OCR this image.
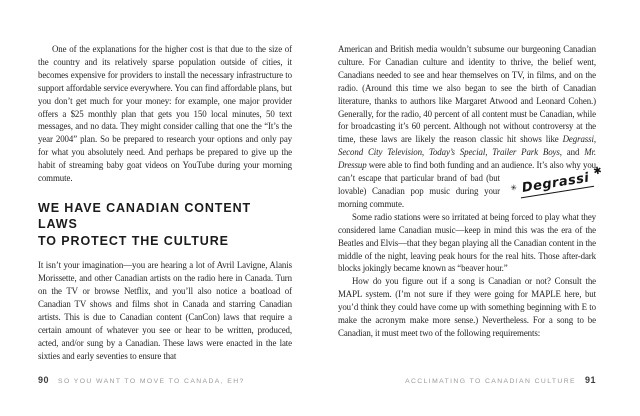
One of the explanations for the higher cost is that due to the size of the country and its relatively sparse population outside of cities, it becomes expensive for providers to install the necessary infrastructure to support affordable service everywhere. You can find affordable plans, but you don’t get much for your money: for example, one major provider offers a $25 monthly plan that gets you 150 local minutes, 50 text messages, and no data. They might consider calling that one the “It’s the year 2004” plan. So be prepared to research your options and only pay for what you absolutely need. And perhaps be prepared to give up the habit of streaming baby goat videos on YouTube during your morning commute.

WE HAVE CANADIAN CONTENT LAWS
TO PROTECT THE CULTURE

It isn’t your imagination—you are hearing a lot of Avril Lavigne, Alanis Morissette, and other Canadian artists on the radio here in Canada. Turn on the TV or browse Netflix, and you’ll also notice a boatload of Canadian TV shows and films shot in Canada and starring Canadian artists. This is due to Canadian content (CanCon) laws that require a certain amount of whatever you see or hear to be written, produced, acted, and/or sung by a Canadian. These laws were enacted in the late sixties and early seventies to ensure that

90 SO YOU WANT TO MOVE TO CANADA, EH?

American and British media wouldn’t subsume our burgeoning Canadian culture. For Canadian culture and identity to thrive, the belief went, Canadians needed to see and hear themselves on TV, in films, and on the radio. (Around this time we also began to see the birth of Canadian literature, thanks to authors like Margaret Atwood and Leonard Cohen.) Generally, for the radio, 40 percent of all content must be Canadian, while for broadcasting it’s 60 percent. Although not without controversy at the time, these laws are likely the reason classic hit shows like Degrassi, Second City Television, Today’s Special, Trailer Park Boys, and Mr. Dressup were able to find both funding and an audience.
✳ Degrassi ✱
It’s also why you can’t escape that particular brand of bad (but lovable) Canadian pop music during your morning commute.

Some radio stations were so irritated at being forced to play what they considered lame Canadian music—keep in mind this was the era of the Beatles and Elvis—that they began playing all the Canadian content in the middle of the night, leaving peak hours for the real hits. Those after-dark blocks jokingly became known as “beaver hour.”

How do you figure out if a song is Canadian or not? Consult the MAPL system. (I’m not sure if they were going for MAPLE here, but you’d think they could have come up with something beginning with E to make the acronym make more sense.) Nevertheless. For a song to be Canadian, it must meet two of the following requirements:

ACCLIMATING TO CANADIAN CULTURE 91
